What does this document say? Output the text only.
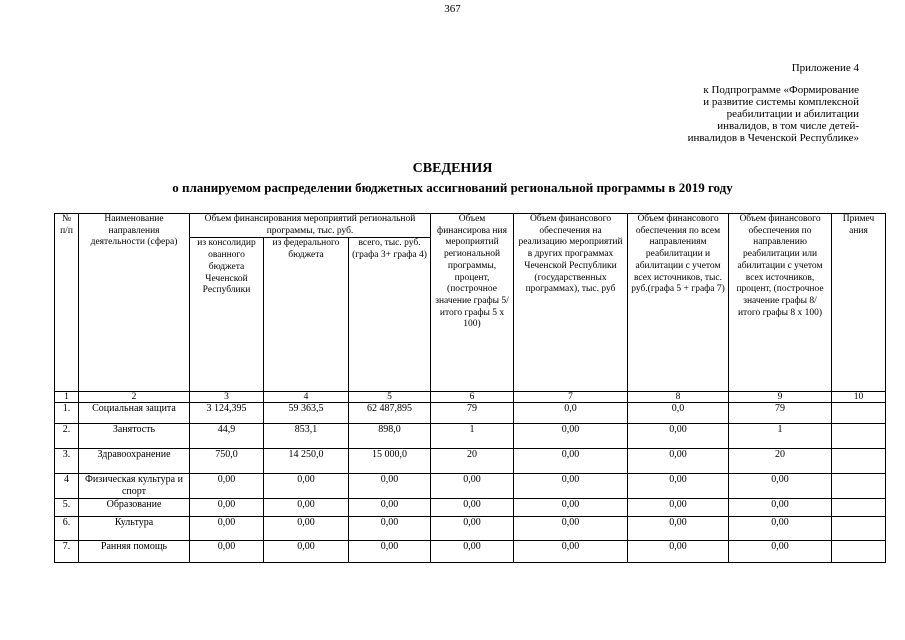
367
Приложение 4
к Подпрограмме «Формирование
и развитие системы комплексной
реабилитации и абилитации
инвалидов, в том числе детей-
инвалидов в Чеченской Республике»
СВЕДЕНИЯ
о планируемом распределении бюджетных ассигнований региональной программы в 2019 году
№ п/п	Наименование направления деятельности (сфера)	Объем финансирования мероприятий региональной программы, тыс. руб.			Объем финансирова ния мероприятий региональной программы, процент, (построчное значение графы 5/ итого графы 5 x 100)	Объем финансового обеспечения на реализацию мероприятий в других программах Чеченской Республики (государственных программах), тыс. руб	Объем финансового обеспечения по всем направлениям реабилитации и абилитации с учетом всех источников, тыс. руб.(графа 5 + графа 7)	Объем финансового обеспечения по направлению реабилитации или абилитации с учетом всех источников, процент, (построчное значение графы 8/ итого графы 8 x 100)	Примеч ания
		из консолидир ованного бюджета Чеченской Республики	из федерального бюджета	всего, тыс. руб. (графа 3+ графа 4)					
1	2	3	4	5	6	7	8	9	10
1.	Социальная защита	3 124,395	59 363,5	62 487,895	79	0,0	0,0	79	
2.	Занятость	44,9	853,1	898,0	1	0,00	0,00	1	
3.	Здравоохранение	750,0	14 250,0	15 000,0	20	0,00	0,00	20	
4	Физическая культура и спорт	0,00	0,00	0,00	0,00	0,00	0,00	0,00	
5.	Образование	0,00	0,00	0,00	0,00	0,00	0,00	0,00	
6.	Культура	0,00	0,00	0,00	0,00	0,00	0,00	0,00	
7.	Ранняя помощь	0,00	0,00	0,00	0,00	0,00	0,00	0,00	
